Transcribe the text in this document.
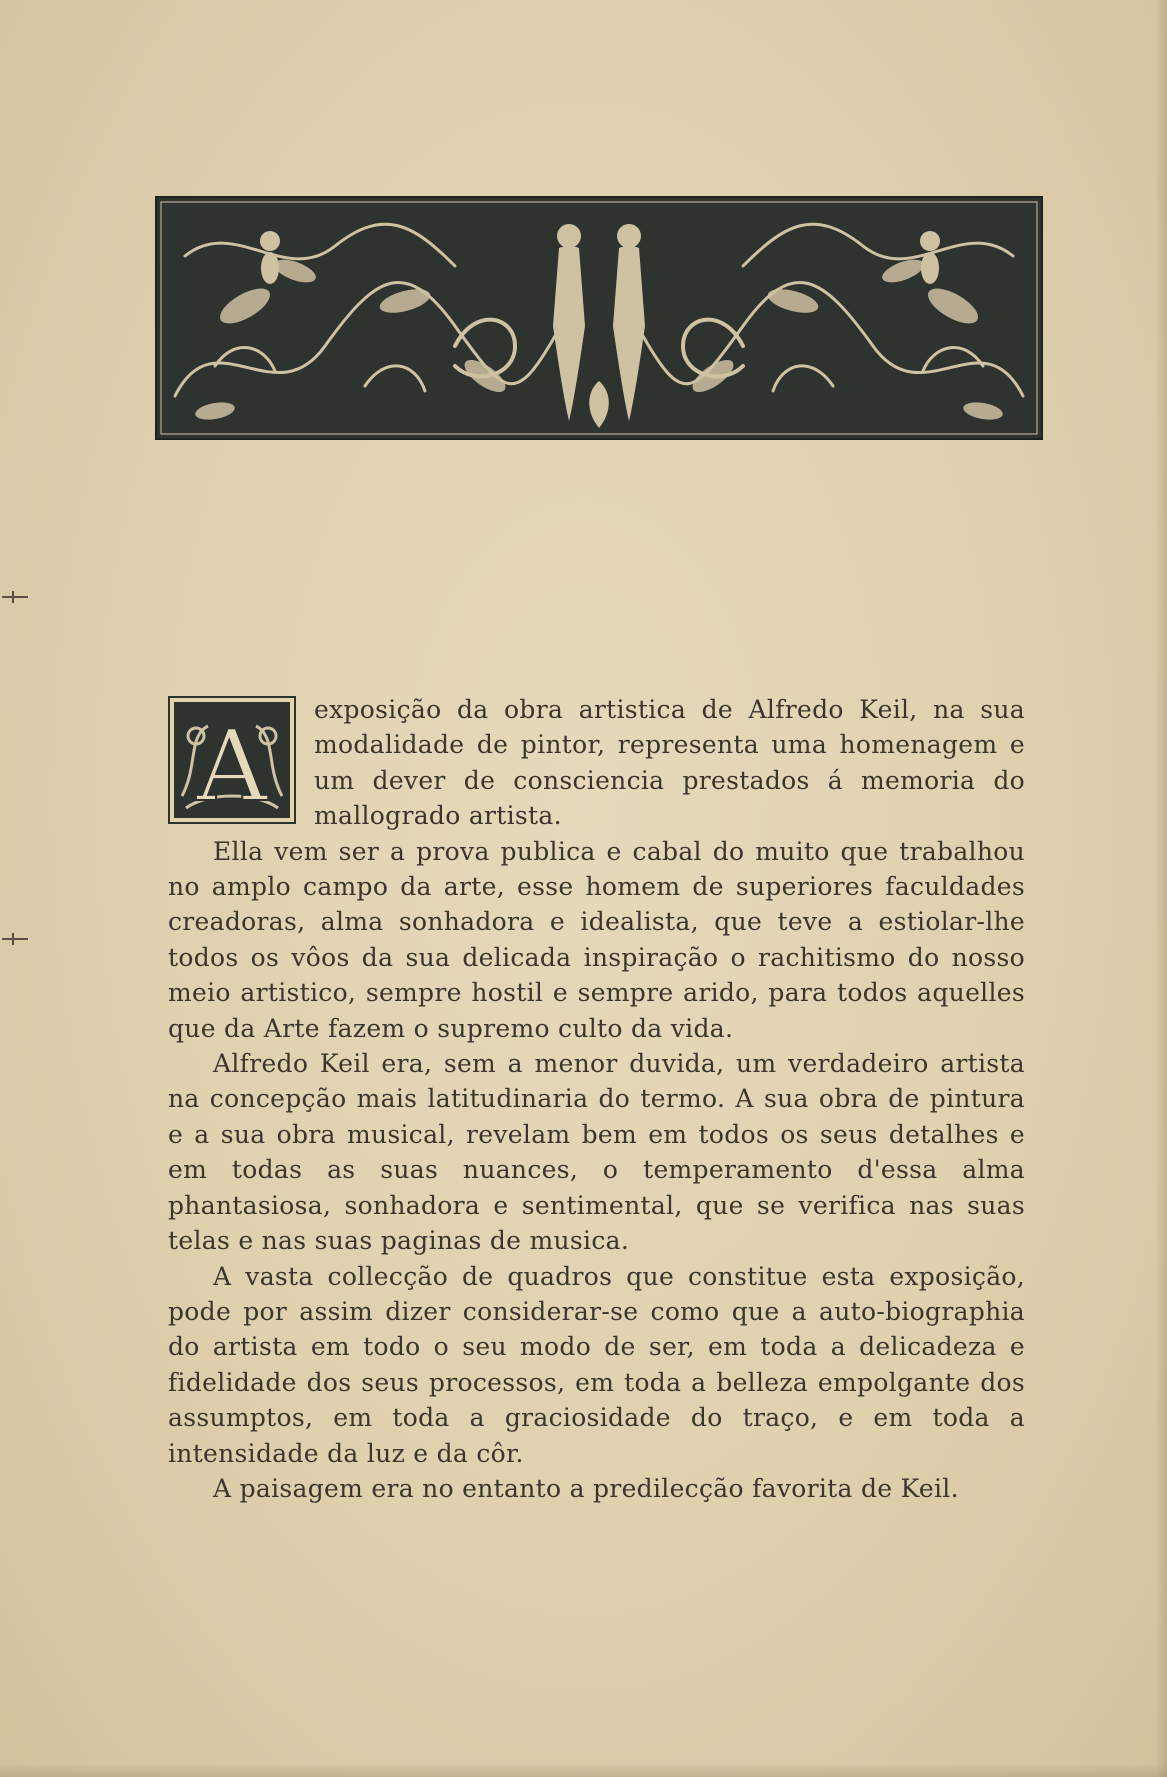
A
exposição da obra artistica de Alfredo Keil, na sua modalidade de pintor, representa uma homenagem e um dever de consciencia prestados á memoria do mallogrado artista.

Ella vem ser a prova publica e cabal do muito que trabalhou no amplo campo da arte, esse homem de superiores faculdades creadoras, alma sonhadora e idealista, que teve a estiolar-lhe todos os vôos da sua delicada inspiração o rachitismo do nosso meio artistico, sempre hostil e sempre arido, para todos aquelles que da Arte fazem o supremo culto da vida.

Alfredo Keil era, sem a menor duvida, um verdadeiro artista na concepção mais latitudinaria do termo. A sua obra de pintura e a sua obra musical, revelam bem em todos os seus detalhes e em todas as suas nuances, o temperamento d'essa alma phantasiosa, sonhadora e sentimental, que se verifica nas suas telas e nas suas paginas de musica.

A vasta collecção de quadros que constitue esta exposição, pode por assim dizer considerar-se como que a auto-biographia do artista em todo o seu modo de ser, em toda a delicadeza e fidelidade dos seus processos, em toda a belleza empolgante dos assumptos, em toda a graciosidade do traço, e em toda a intensidade da luz e da côr.

A paisagem era no entanto a predilecção favorita de Keil.
